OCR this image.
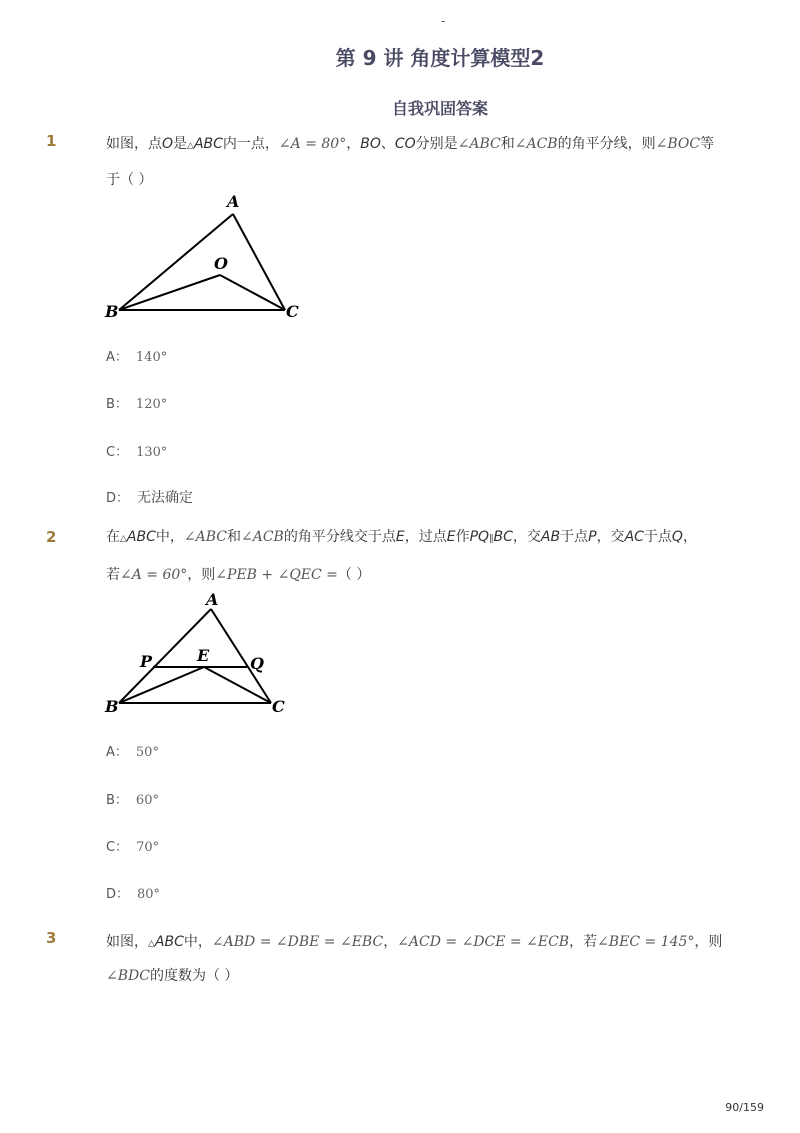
-
第 9 讲 角度计算模型2
自我巩固答案
1	如图，点O是△ABC内一点，∠A = 80°，BO、CO分别是∠ABC和∠ACB的角平分线，则∠BOC等
于（ ）
A
O
B	C
A： 140°
B： 120°
C： 130°
D： 无法确定
2	在△ABC中，∠ABC和∠ACB的角平分线交于点E，过点E作PQ∥BC，交AB于点P，交AC于点Q，
若∠A = 60°，则∠PEB + ∠QEC =（ ）
A
P	E	Q
B	C
A： 50°
B： 60°
C： 70°
D： 80°
3	如图，△ABC中，∠ABD = ∠DBE = ∠EBC，∠ACD = ∠DCE = ∠ECB，若∠BEC = 145°，则
∠BDC的度数为（ ）
90/159
